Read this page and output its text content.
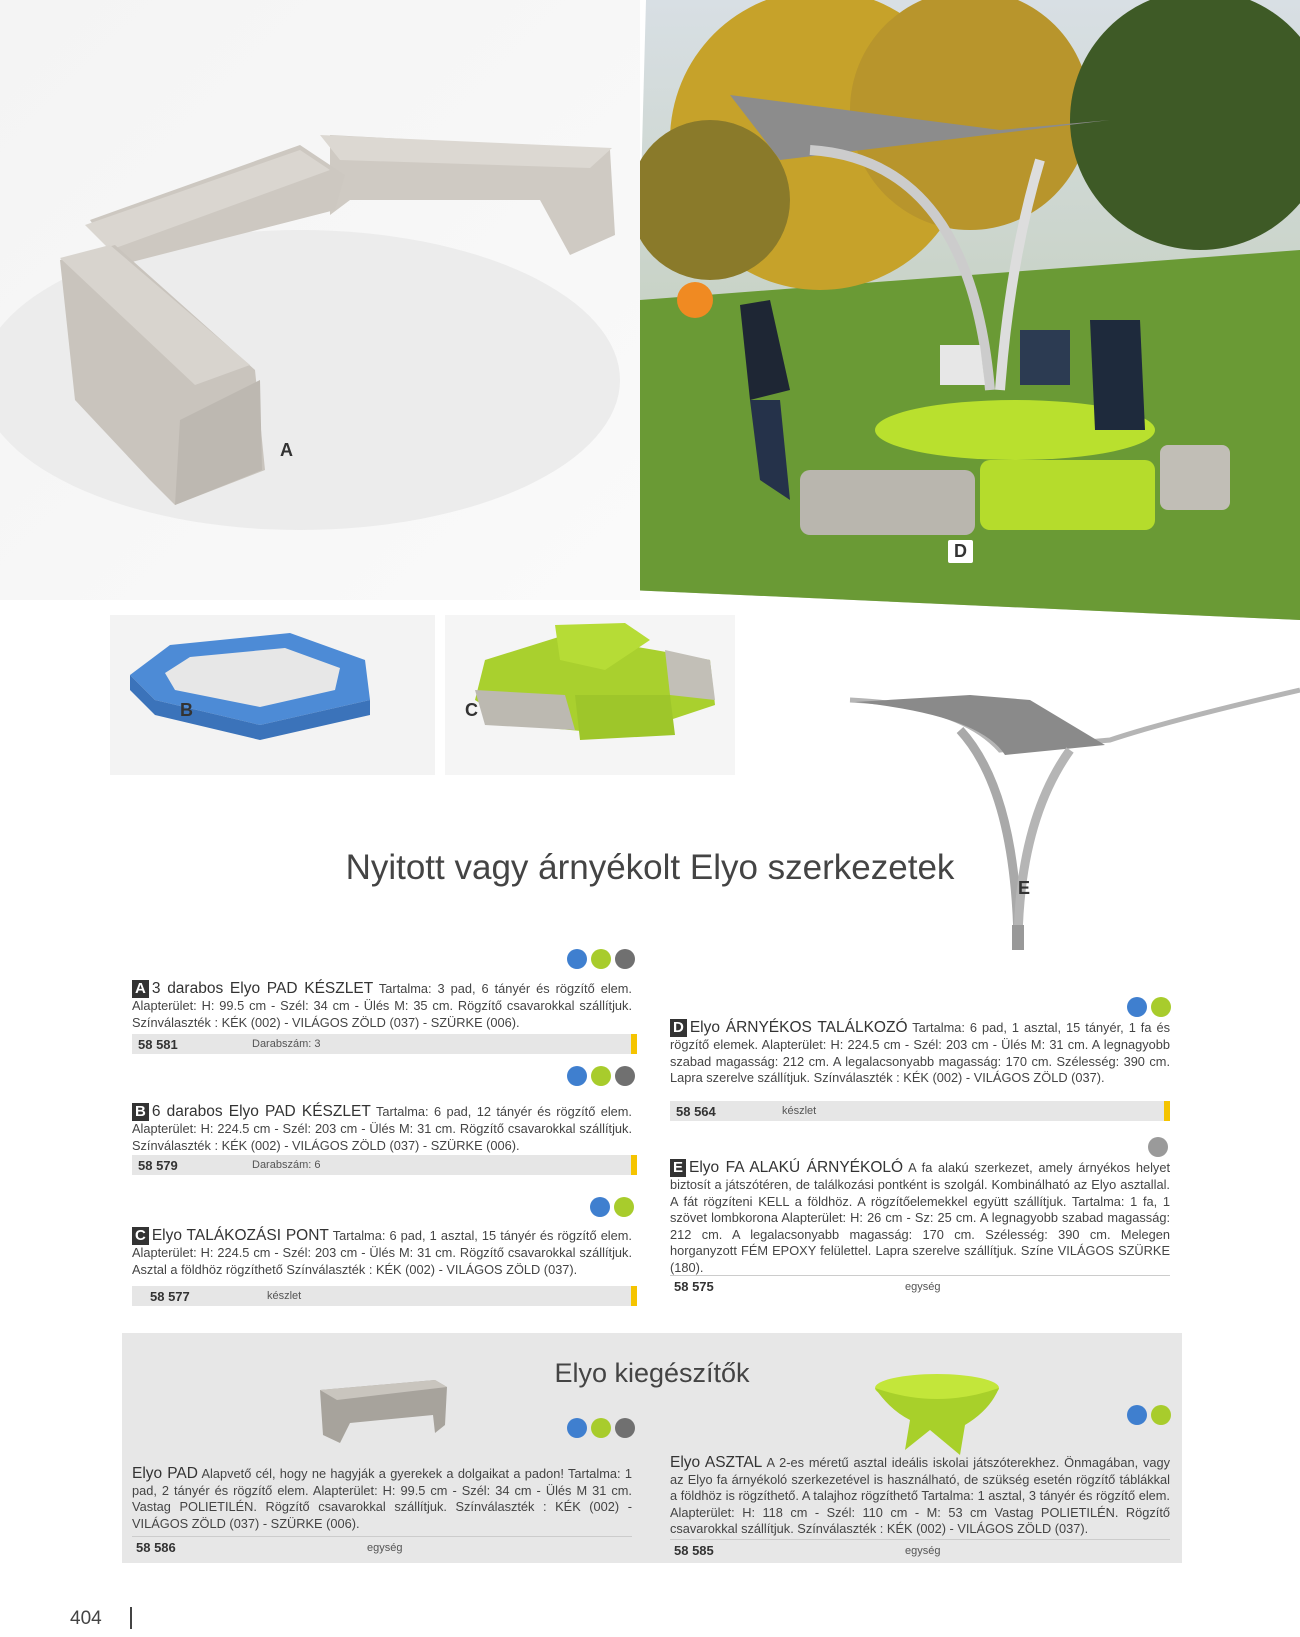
A
D
B	C
E
Nyitott vagy árnyékolt Elyo szerkezetek
A 3 darabos Elyo PAD KÉSZLET Tartalma: 3 pad, 6 tányér és rögzítő elem. Alapterület: H: 99.5 cm - Szél: 34 cm - Ülés M: 35 cm. Rögzítő csavarokkal szállítjuk. Színválaszték : KÉK (002) - VILÁGOS ZÖLD (037) - SZÜRKE (006).
58 581	Darabszám: 3
B 6 darabos Elyo PAD KÉSZLET Tartalma: 6 pad, 12 tányér és rögzítő elem. Alapterület: H: 224.5 cm - Szél: 203 cm - Ülés M: 31 cm. Rögzítő csavarokkal szállítjuk. Színválaszték : KÉK (002) - VILÁGOS ZÖLD (037) - SZÜRKE (006).
58 579	Darabszám: 6
C Elyo TALÁKOZÁSI PONT Tartalma: 6 pad, 1 asztal, 15 tányér és rögzítő elem. Alapterület: H: 224.5 cm - Szél: 203 cm - Ülés M: 31 cm. Rögzítő csavarokkal szállítjuk. Asztal a földhöz rögzíthető Színválaszték : KÉK (002) - VILÁGOS ZÖLD (037).
58 577	készlet
D Elyo ÁRNYÉKOS TALÁLKOZÓ Tartalma: 6 pad, 1 asztal, 15 tányér, 1 fa és rögzítő elemek. Alapterület: H: 224.5 cm - Szél: 203 cm - Ülés M: 31 cm. A legnagyobb szabad magasság: 212 cm. A legalacsonyabb magasság: 170 cm. Szélesség: 390 cm. Lapra szerelve szállítjuk. Színválaszték : KÉK (002) - VILÁGOS ZÖLD (037).
58 564	készlet
E Elyo FA ALAKÚ ÁRNYÉKOLÓ A fa alakú szerkezet, amely árnyékos helyet biztosít a játszótéren, de találkozási pontként is szolgál. Kombinálható az Elyo asztallal. A fát rögzíteni KELL a földhöz. A rögzítőelemekkel együtt szállítjuk. Tartalma: 1 fa, 1 szövet lombkorona Alapterület: H: 26 cm - Sz: 25 cm. A legnagyobb szabad magasság: 212 cm. A legalacsonyabb magasság: 170 cm. Szélesség: 390 cm. Melegen horganyzott FÉM EPOXY felülettel. Lapra szerelve szállítjuk. Színe VILÁGOS SZÜRKE (180).
58 575	egység
Elyo kiegészítők
Elyo PAD Alapvető cél, hogy ne hagyják a gyerekek a dolgaikat a padon! Tartalma: 1 pad, 2 tányér és rögzítő elem. Alapterület: H: 99.5 cm - Szél: 34 cm - Ülés M 31 cm. Vastag POLIETILÉN. Rögzítő csavarokkal szállítjuk. Színválaszték : KÉK (002) - VILÁGOS ZÖLD (037) - SZÜRKE (006).
58 586	egység
Elyo ASZTAL A 2-es méretű asztal ideális iskolai játszóterekhez. Önmagában, vagy az Elyo fa árnyékoló szerkezetével is használható, de szükség esetén rögzítő táblákkal a földhöz is rögzíthető. A talajhoz rögzíthető Tartalma: 1 asztal, 3 tányér és rögzítő elem. Alapterület: H: 118 cm - Szél: 110 cm - M: 53 cm Vastag POLIETILÉN. Rögzítő csavarokkal szállítjuk. Színválaszték : KÉK (002) - VILÁGOS ZÖLD (037).
58 585	egység
404
